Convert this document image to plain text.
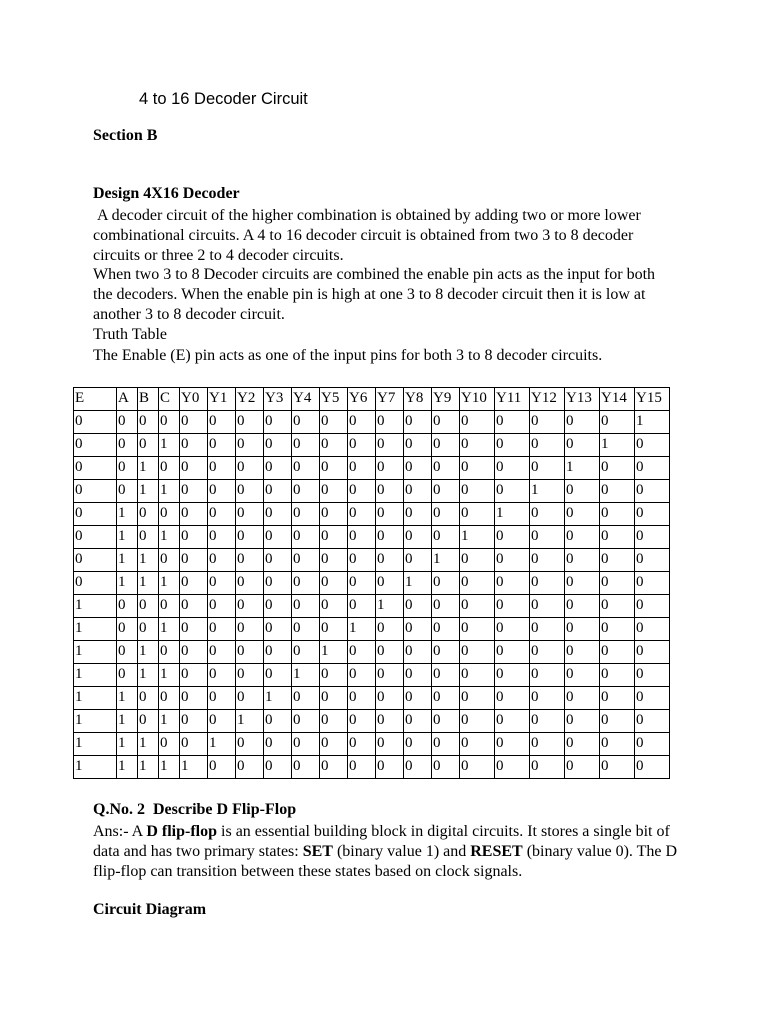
4 to 16 Decoder Circuit
Section B
Design 4X16 Decoder
A decoder circuit of the higher combination is obtained by adding two or more lower combinational circuits. A 4 to 16 decoder circuit is obtained from two 3 to 8 decoder circuits or three 2 to 4 decoder circuits.
When two 3 to 8 Decoder circuits are combined the enable pin acts as the input for both the decoders. When the enable pin is high at one 3 to 8 decoder circuit then it is low at another 3 to 8 decoder circuit.
Truth Table
The Enable (E) pin acts as one of the input pins for both 3 to 8 decoder circuits.
E	A	B	C	Y0	Y1	Y2	Y3	Y4	Y5	Y6	Y7	Y8	Y9	Y10	Y11	Y12	Y13	Y14	Y15
0	0	0	0	0	0	0	0	0	0	0	0	0	0	0	0	0	0	0	1
0	0	0	1	0	0	0	0	0	0	0	0	0	0	0	0	0	0	1	0
0	0	1	0	0	0	0	0	0	0	0	0	0	0	0	0	0	1	0	0
0	0	1	1	0	0	0	0	0	0	0	0	0	0	0	0	1	0	0	0
0	1	0	0	0	0	0	0	0	0	0	0	0	0	0	1	0	0	0	0
0	1	0	1	0	0	0	0	0	0	0	0	0	0	1	0	0	0	0	0
0	1	1	0	0	0	0	0	0	0	0	0	0	1	0	0	0	0	0	0
0	1	1	1	0	0	0	0	0	0	0	0	1	0	0	0	0	0	0	0
1	0	0	0	0	0	0	0	0	0	0	1	0	0	0	0	0	0	0	0
1	0	0	1	0	0	0	0	0	0	1	0	0	0	0	0	0	0	0	0
1	0	1	0	0	0	0	0	0	1	0	0	0	0	0	0	0	0	0	0
1	0	1	1	0	0	0	0	1	0	0	0	0	0	0	0	0	0	0	0
1	1	0	0	0	0	0	1	0	0	0	0	0	0	0	0	0	0	0	0
1	1	0	1	0	0	1	0	0	0	0	0	0	0	0	0	0	0	0	0
1	1	1	0	0	1	0	0	0	0	0	0	0	0	0	0	0	0	0	0
1	1	1	1	1	0	0	0	0	0	0	0	0	0	0	0	0	0	0	0
Q.No. 2  Describe D Flip-Flop
Ans:- A D flip-flop is an essential building block in digital circuits. It stores a single bit of data and has two primary states: SET (binary value 1) and RESET (binary value 0). The D flip-flop can transition between these states based on clock signals.
Circuit Diagram
